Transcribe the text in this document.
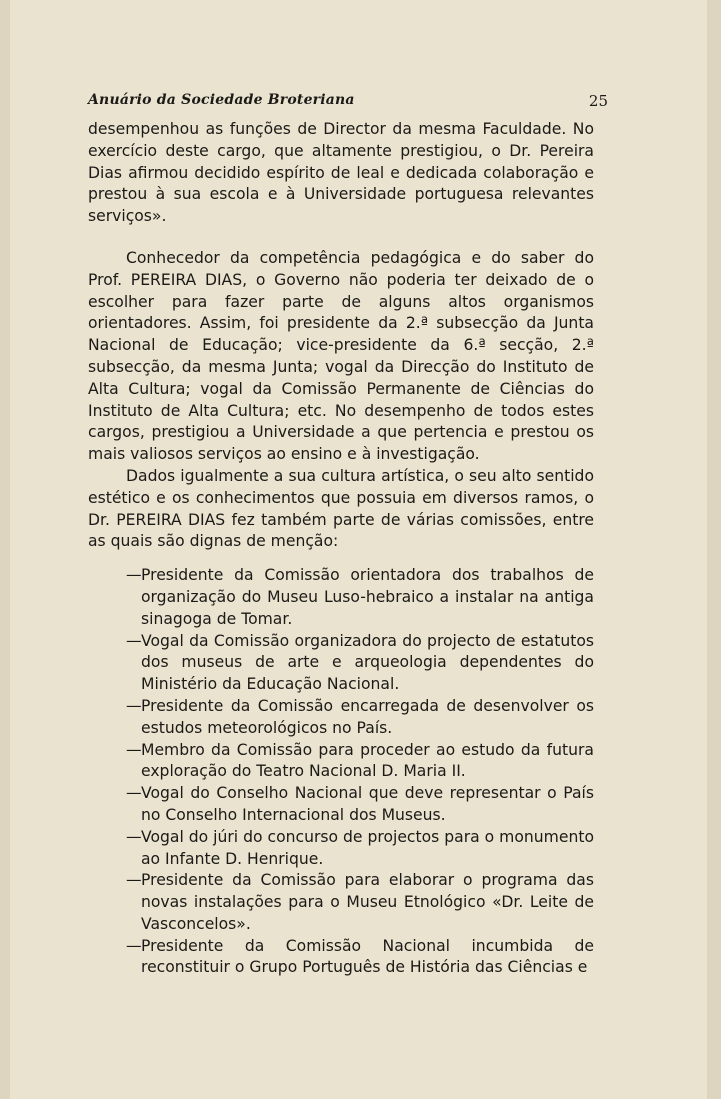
Anuário da Sociedade Broteriana	25

desempenhou as funções de Director da mesma Faculdade. No exercício deste cargo, que altamente prestigiou, o Dr. Pereira Dias afirmou decidido espírito de leal e dedicada colaboração e prestou à sua escola e à Universidade portuguesa relevantes serviços».

Conhecedor da competência pedagógica e do saber do Prof. PEREIRA DIAS, o Governo não poderia ter deixado de o escolher para fazer parte de alguns altos organismos orientadores. Assim, foi presidente da 2.ª subsecção da Junta Nacional de Educação; vice-presidente da 6.ª secção, 2.ª subsecção, da mesma Junta; vogal da Direcção do Instituto de Alta Cultura; vogal da Comissão Permanente de Ciências do Instituto de Alta Cultura; etc. No desempenho de todos estes cargos, prestigiou a Universidade a que pertencia e prestou os mais valiosos serviços ao ensino e à investigação.

Dados igualmente a sua cultura artística, o seu alto sentido estético e os conhecimentos que possuia em diversos ramos, o Dr. PEREIRA DIAS fez também parte de várias comissões, entre as quais são dignas de menção:

— Presidente da Comissão orientadora dos trabalhos de organização do Museu Luso-hebraico a instalar na antiga sinagoga de Tomar.
— Vogal da Comissão organizadora do projecto de estatutos dos museus de arte e arqueologia dependentes do Ministério da Educação Nacional.
— Presidente da Comissão encarregada de desenvolver os estudos meteorológicos no País.
— Membro da Comissão para proceder ao estudo da futura exploração do Teatro Nacional D. Maria II.
— Vogal do Conselho Nacional que deve representar o País no Conselho Internacional dos Museus.
— Vogal do júri do concurso de projectos para o monumento ao Infante D. Henrique.
— Presidente da Comissão para elaborar o programa das novas instalações para o Museu Etnológico «Dr. Leite de Vasconcelos».
— Presidente da Comissão Nacional incumbida de reconstituir o Grupo Português de História das Ciências e
